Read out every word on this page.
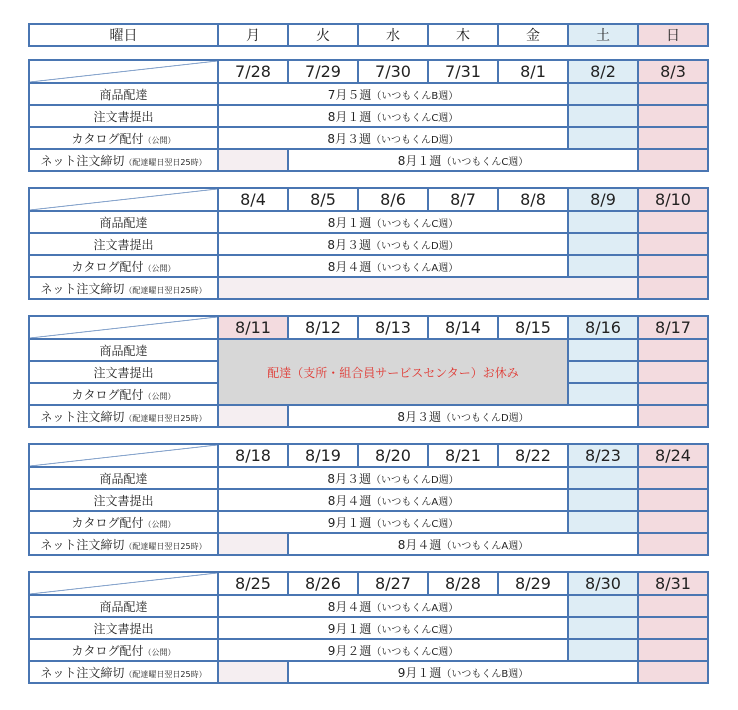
曜日	月	火	水	木	金	土	日
	7/28	7/29	7/30	7/31	8/1	8/2	8/3
商品配達	7月５週（いつもくんB週）						
注文書提出	8月１週（いつもくんC週）						
カタログ配付（公開）	8月３週（いつもくんD週）						
ネット注文締切（配達曜日翌日25時）		8月１週（いつもくんC週）					
	8/4	8/5	8/6	8/7	8/8	8/9	8/10
商品配達	8月１週（いつもくんC週）						
注文書提出	8月３週（いつもくんD週）						
カタログ配付（公開）	8月４週（いつもくんA週）						
ネット注文締切（配達曜日翌日25時）							
	8/11	8/12	8/13	8/14	8/15	8/16	8/17
商品配達	配達（支所・組合員サービスセンター）お休み						
注文書提出							
カタログ配付（公開）							
ネット注文締切（配達曜日翌日25時）		8月３週（いつもくんD週）					
	8/18	8/19	8/20	8/21	8/22	8/23	8/24
商品配達	8月３週（いつもくんD週）						
注文書提出	8月４週（いつもくんA週）						
カタログ配付（公開）	9月１週（いつもくんC週）						
ネット注文締切（配達曜日翌日25時）		8月４週（いつもくんA週）					
	8/25	8/26	8/27	8/28	8/29	8/30	8/31
商品配達	8月４週（いつもくんA週）						
注文書提出	9月１週（いつもくんC週）						
カタログ配付（公開）	9月２週（いつもくんC週）						
ネット注文締切（配達曜日翌日25時）		9月１週（いつもくんB週）					
